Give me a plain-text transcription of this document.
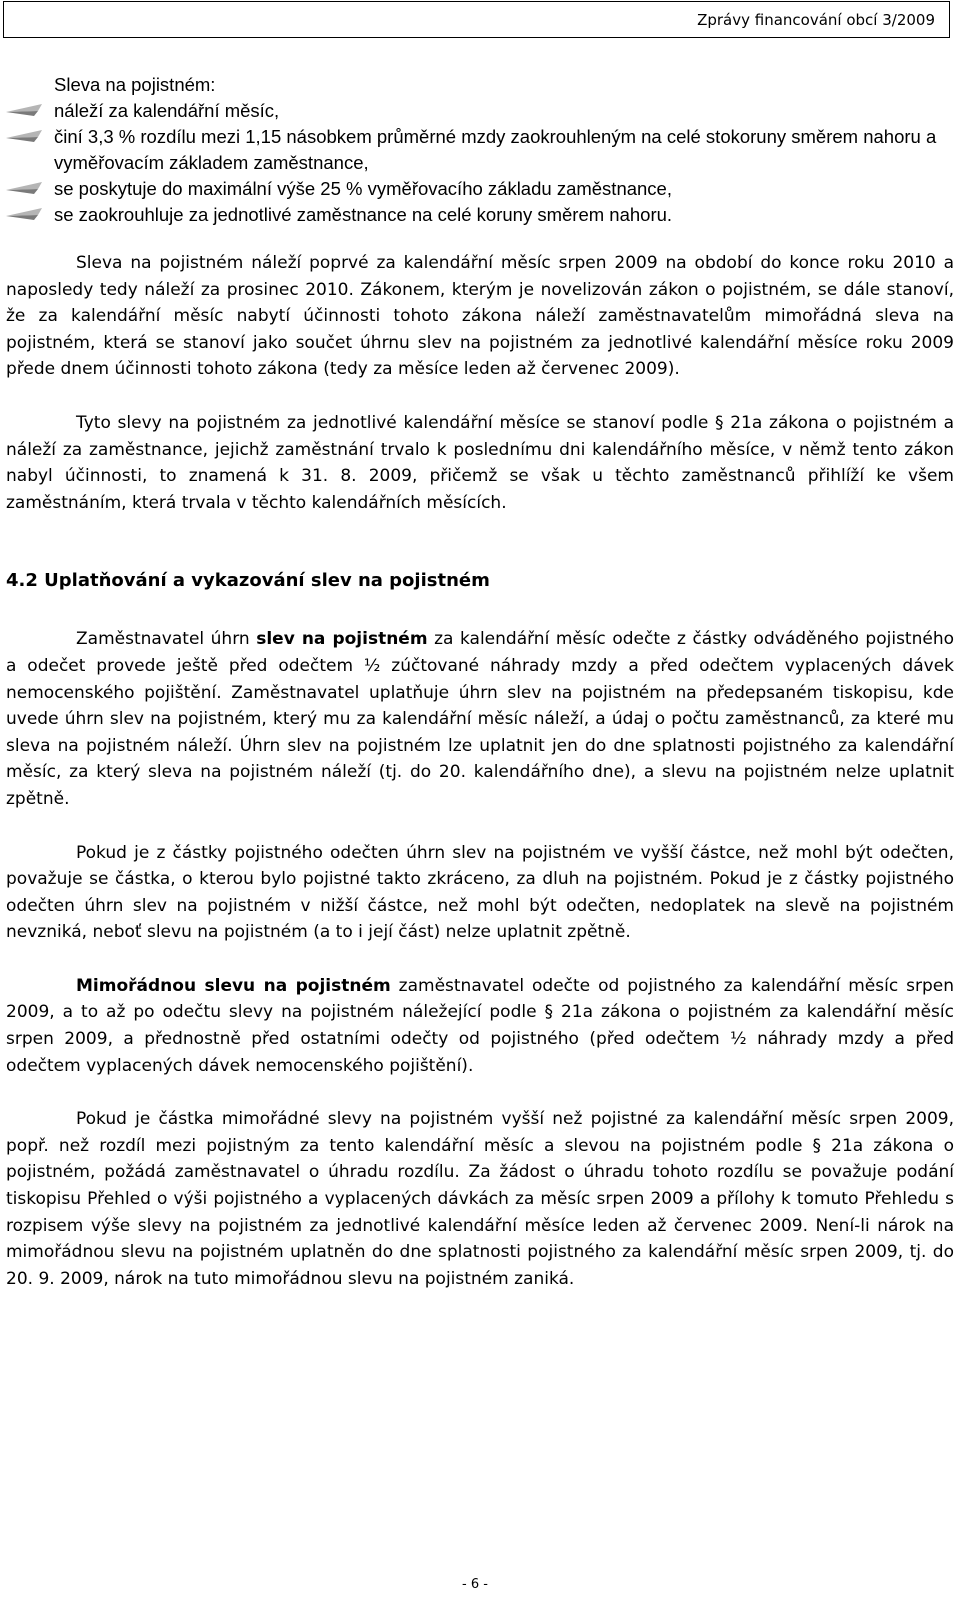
Zprávy financování obcí 3/2009
Sleva na pojistném:
náleží za kalendářní měsíc,
činí 3,3 % rozdílu mezi 1,15 násobkem průměrné mzdy zaokrouhleným na celé stokoruny směrem nahoru a vyměřovacím základem zaměstnance,
se poskytuje do maximální výše 25 % vyměřovacího základu zaměstnance,
se zaokrouhluje za jednotlivé zaměstnance na celé koruny směrem nahoru.

Sleva na pojistném náleží poprvé za kalendářní měsíc srpen 2009 na období do konce roku 2010 a naposledy tedy náleží za prosinec 2010. Zákonem, kterým je novelizován zákon o pojistném, se dále stanoví, že za kalendářní měsíc nabytí účinnosti tohoto zákona náleží zaměstnavatelům mimořádná sleva na pojistném, která se stanoví jako součet úhrnu slev na pojistném za jednotlivé kalendářní měsíce roku 2009 přede dnem účinnosti tohoto zákona (tedy za měsíce leden až červenec 2009).

Tyto slevy na pojistném za jednotlivé kalendářní měsíce se stanoví podle § 21a zákona o pojistném a náleží za zaměstnance, jejichž zaměstnání trvalo k poslednímu dni kalendářního měsíce, v němž tento zákon nabyl účinnosti, to znamená k 31. 8. 2009, přičemž se však u těchto zaměstnanců přihlíží ke všem zaměstnáním, která trvala v těchto kalendářních měsících.

4.2 Uplatňování a vykazování slev na pojistném

Zaměstnavatel úhrn slev na pojistném za kalendářní měsíc odečte z částky odváděného pojistného a odečet provede ještě před odečtem ½ zúčtované náhrady mzdy a před odečtem vyplacených dávek nemocenského pojištění. Zaměstnavatel uplatňuje úhrn slev na pojistném na předepsaném tiskopisu, kde uvede úhrn slev na pojistném, který mu za kalendářní měsíc náleží, a údaj o počtu zaměstnanců, za které mu sleva na pojistném náleží. Úhrn slev na pojistném lze uplatnit jen do dne splatnosti pojistného za kalendářní měsíc, za který sleva na pojistném náleží (tj. do 20. kalendářního dne), a slevu na pojistném nelze uplatnit zpětně.

Pokud je z částky pojistného odečten úhrn slev na pojistném ve vyšší částce, než mohl být odečten, považuje se částka, o kterou bylo pojistné takto zkráceno, za dluh na pojistném. Pokud je z částky pojistného odečten úhrn slev na pojistném v nižší částce, než mohl být odečten, nedoplatek na slevě na pojistném nevzniká, neboť slevu na pojistném (a to i její část) nelze uplatnit zpětně.

Mimořádnou slevu na pojistném zaměstnavatel odečte od pojistného za kalendářní měsíc srpen 2009, a to až po odečtu slevy na pojistném náležející podle § 21a zákona o pojistném za kalendářní měsíc srpen 2009, a přednostně před ostatními odečty od pojistného (před odečtem ½ náhrady mzdy a před odečtem vyplacených dávek nemocenského pojištění).

Pokud je částka mimořádné slevy na pojistném vyšší než pojistné za kalendářní měsíc srpen 2009, popř. než rozdíl mezi pojistným za tento kalendářní měsíc a slevou na pojistném podle § 21a zákona o pojistném, požádá zaměstnavatel o úhradu rozdílu. Za žádost o úhradu tohoto rozdílu se považuje podání tiskopisu Přehled o výši pojistného a vyplacených dávkách za měsíc srpen 2009 a přílohy k tomuto Přehledu s rozpisem výše slevy na pojistném za jednotlivé kalendářní měsíce leden až červenec 2009. Není-li nárok na mimořádnou slevu na pojistném uplatněn do dne splatnosti pojistného za kalendářní měsíc srpen 2009, tj. do 20. 9. 2009, nárok na tuto mimořádnou slevu na pojistném zaniká.

- 6 -
